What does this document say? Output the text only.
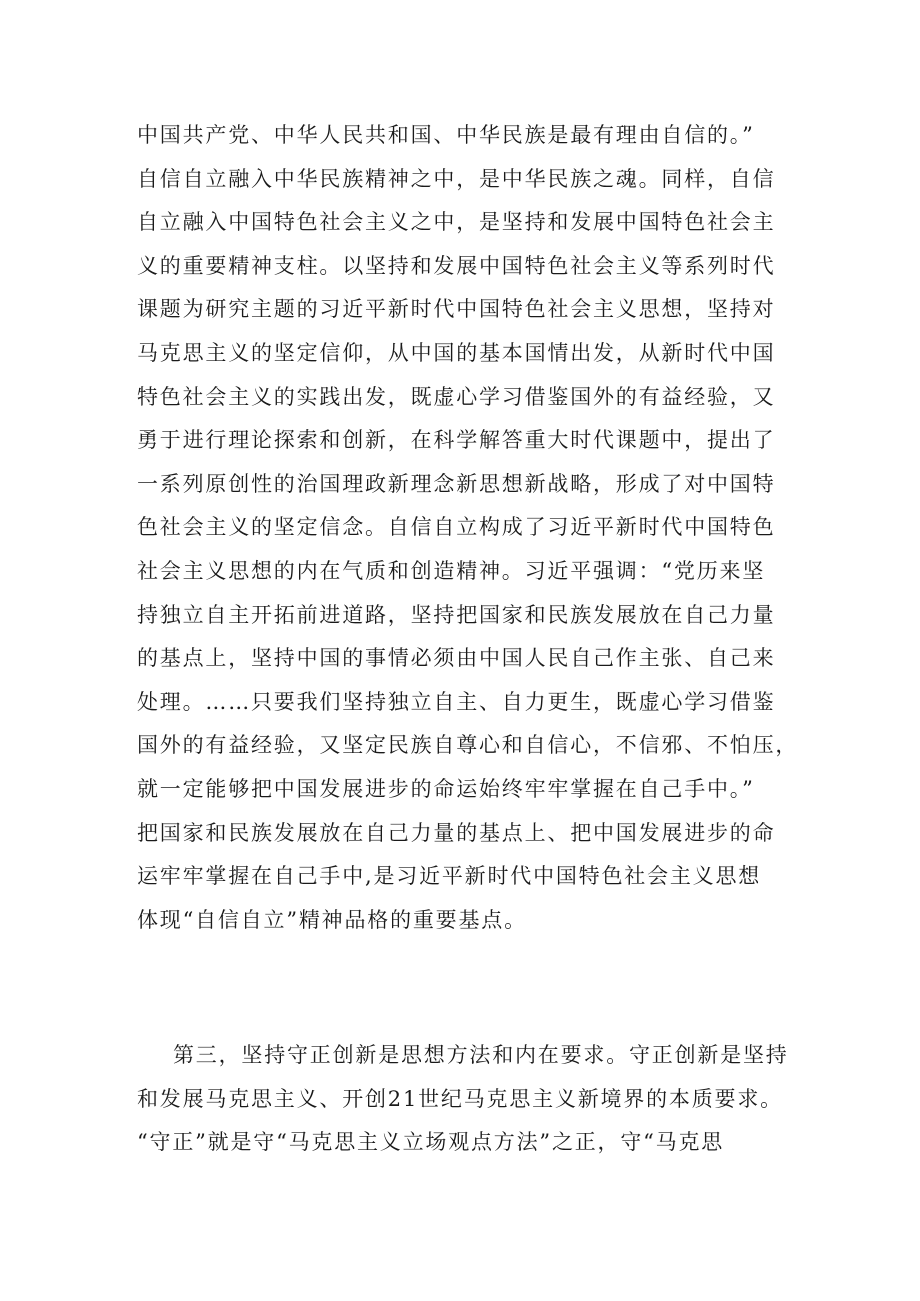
中国共产党、中华人民共和国、中华民族是最有理由自信的。”
自信自立融入中华民族精神之中，是中华民族之魂。同样，自信
自立融入中国特色社会主义之中，是坚持和发展中国特色社会主
义的重要精神支柱。以坚持和发展中国特色社会主义等系列时代
课题为研究主题的习近平新时代中国特色社会主义思想，坚持对
马克思主义的坚定信仰，从中国的基本国情出发，从新时代中国
特色社会主义的实践出发，既虚心学习借鉴国外的有益经验，又
勇于进行理论探索和创新，在科学解答重大时代课题中，提出了
一系列原创性的治国理政新理念新思想新战略，形成了对中国特
色社会主义的坚定信念。自信自立构成了习近平新时代中国特色
社会主义思想的内在气质和创造精神。习近平强调：“党历来坚
持独立自主开拓前进道路，坚持把国家和民族发展放在自己力量
的基点上，坚持中国的事情必须由中国人民自己作主张、自己来
处理。……只要我们坚持独立自主、自力更生，既虚心学习借鉴
国外的有益经验，又坚定民族自尊心和自信心，不信邪、不怕压，
就一定能够把中国发展进步的命运始终牢牢掌握在自己手中。”
把国家和民族发展放在自己力量的基点上、把中国发展进步的命
运牢牢掌握在自己手中,是习近平新时代中国特色社会主义思想
体现“自信自立”精神品格的重要基点。
第三，坚持守正创新是思想方法和内在要求。守正创新是坚持
和发展马克思主义、开创21世纪马克思主义新境界的本质要求。
“守正”就是守“马克思主义立场观点方法”之正，守“马克思
